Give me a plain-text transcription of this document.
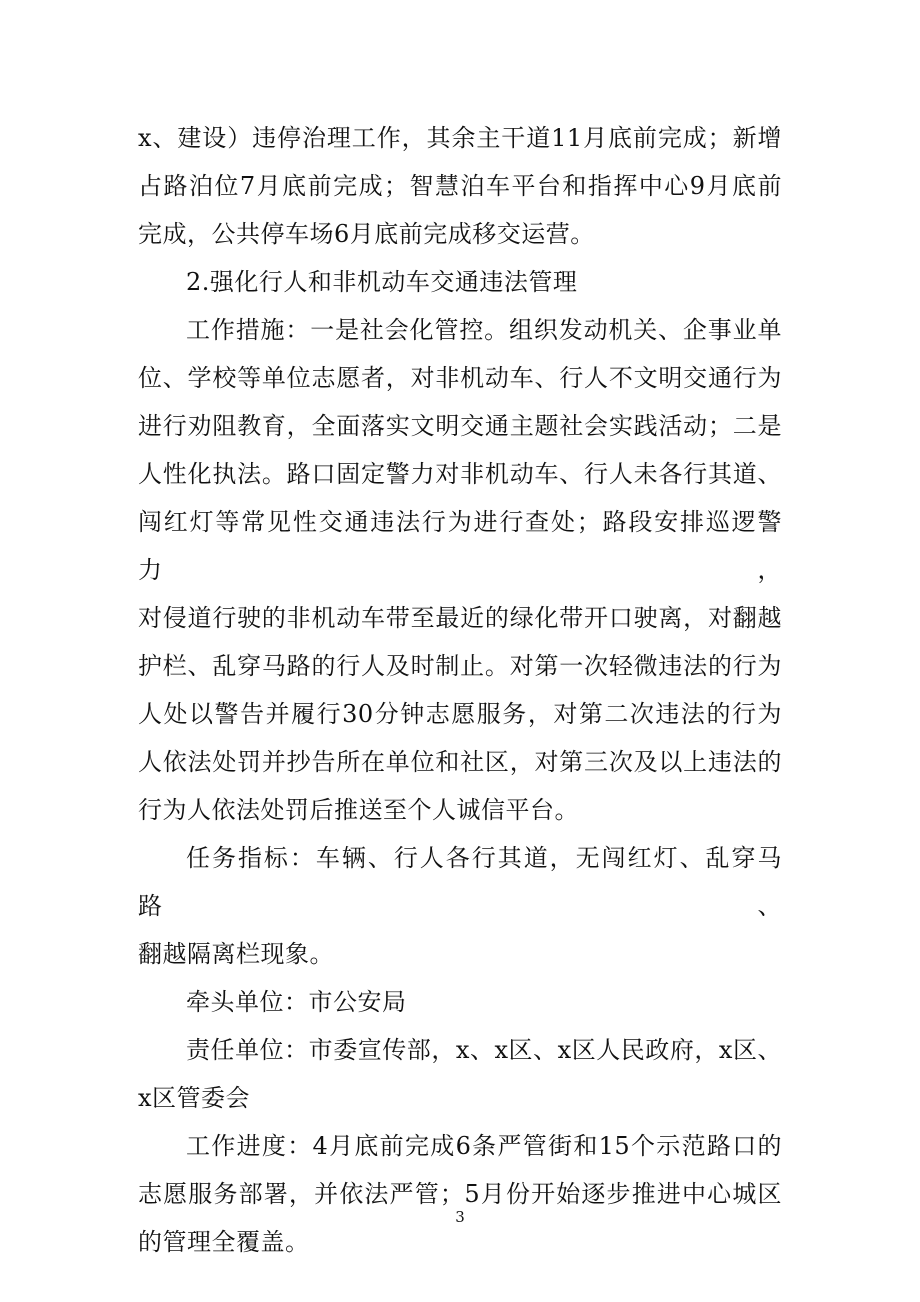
x、建设）违停治理工作，其余主干道11月底前完成；新增

占路泊位7月底前完成；智慧泊车平台和指挥中心9月底前

完成，公共停车场6月底前完成移交运营。

2.强化行人和非机动车交通违法管理

工作措施：一是社会化管控。组织发动机关、企事业单

位、学校等单位志愿者，对非机动车、行人不文明交通行为

进行劝阻教育，全面落实文明交通主题社会实践活动；二是

人性化执法。路口固定警力对非机动车、行人未各行其道、

闯红灯等常见性交通违法行为进行查处；路段安排巡逻警力，

对侵道行驶的非机动车带至最近的绿化带开口驶离，对翻越

护栏、乱穿马路的行人及时制止。对第一次轻微违法的行为

人处以警告并履行30分钟志愿服务，对第二次违法的行为

人依法处罚并抄告所在单位和社区，对第三次及以上违法的

行为人依法处罚后推送至个人诚信平台。

任务指标：车辆、行人各行其道，无闯红灯、乱穿马路、

翻越隔离栏现象。

牵头单位：市公安局

责任单位：市委宣传部，x、x区、x区人民政府，x区、

x区管委会

工作进度：4月底前完成6条严管街和15个示范路口的

志愿服务部署，并依法严管；5月份开始逐步推进中心城区

的管理全覆盖。

3
